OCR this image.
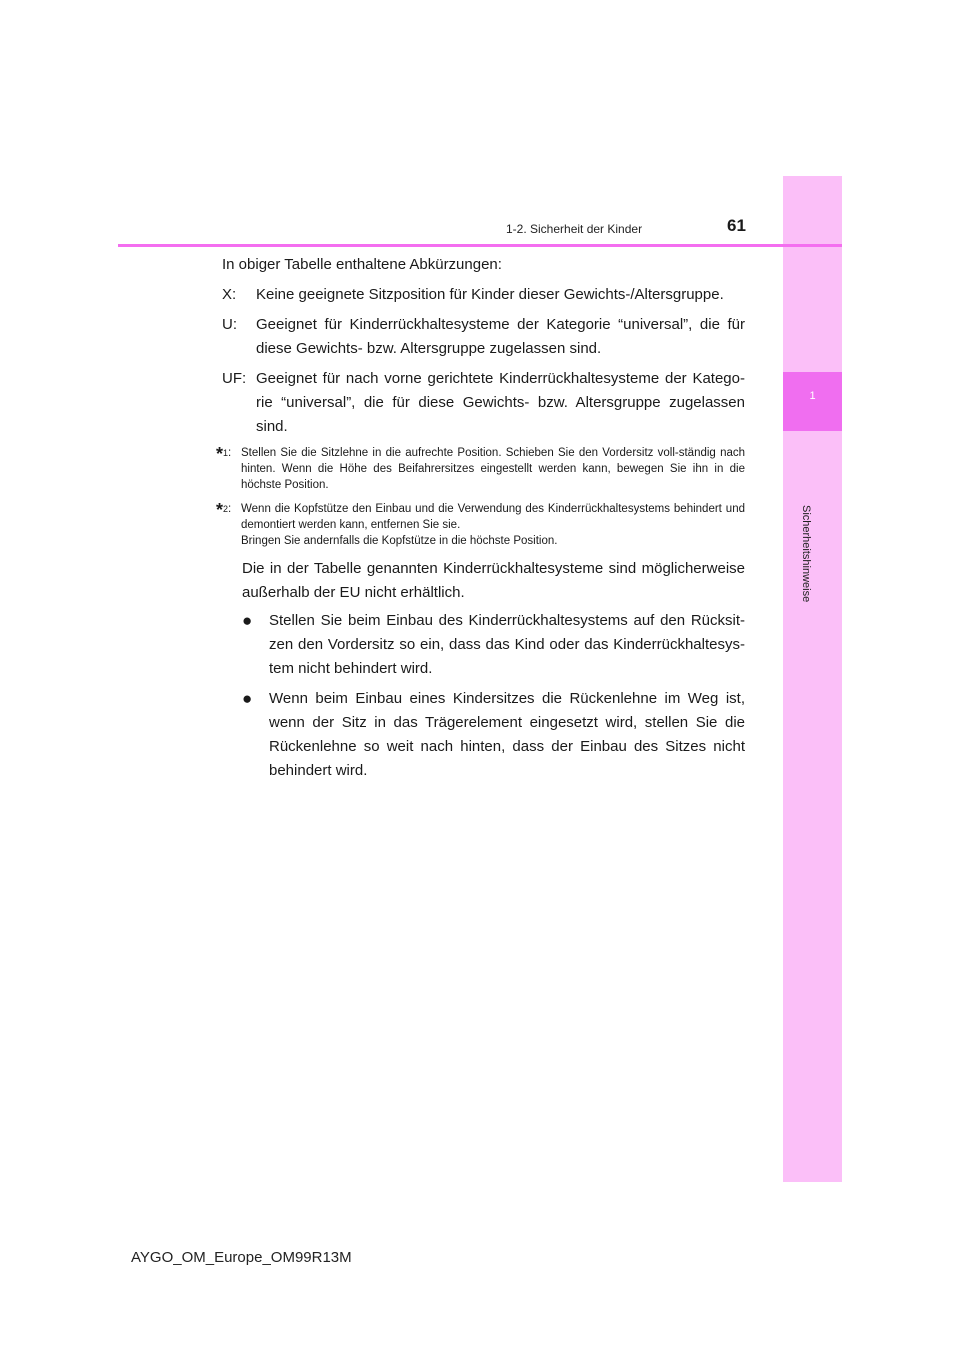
1
Sicherheitshinweise
1-2. Sicherheit der Kinder	61

In obiger Tabelle enthaltene Abkürzungen:

X:	Keine geeignete Sitzposition für Kinder dieser Gewichts-/Altersgruppe.
U:	Geeignet für Kinderrückhaltesysteme der Kategorie “universal”, die für diese Gewichts- bzw. Altersgruppe zugelassen sind.
UF: Geeignet für nach vorne gerichtete Kinderrückhaltesysteme der Katego-rie “universal”, die für diese Gewichts- bzw. Altersgruppe zugelassen sind.
*1: Stellen Sie die Sitzlehne in die aufrechte Position. Schieben Sie den Vordersitz voll-ständig nach hinten. Wenn die Höhe des Beifahrersitzes eingestellt werden kann, bewegen Sie ihn in die höchste Position.
*2: Wenn die Kopfstütze den Einbau und die Verwendung des Kinderrückhaltesystems behindert und demontiert werden kann, entfernen Sie sie.
Bringen Sie andernfalls die Kopfstütze in die höchste Position.

Die in der Tabelle genannten Kinderrückhaltesysteme sind möglicherweise außerhalb der EU nicht erhältlich.

●	Stellen Sie beim Einbau des Kinderrückhaltesystems auf den Rücksit-zen den Vordersitz so ein, dass das Kind oder das Kinderrückhaltesys-tem nicht behindert wird.
●	Wenn beim Einbau eines Kindersitzes die Rückenlehne im Weg ist, wenn der Sitz in das Trägerelement eingesetzt wird, stellen Sie die Rückenlehne so weit nach hinten, dass der Einbau des Sitzes nicht behindert wird.
AYGO_OM_Europe_OM99R13M
